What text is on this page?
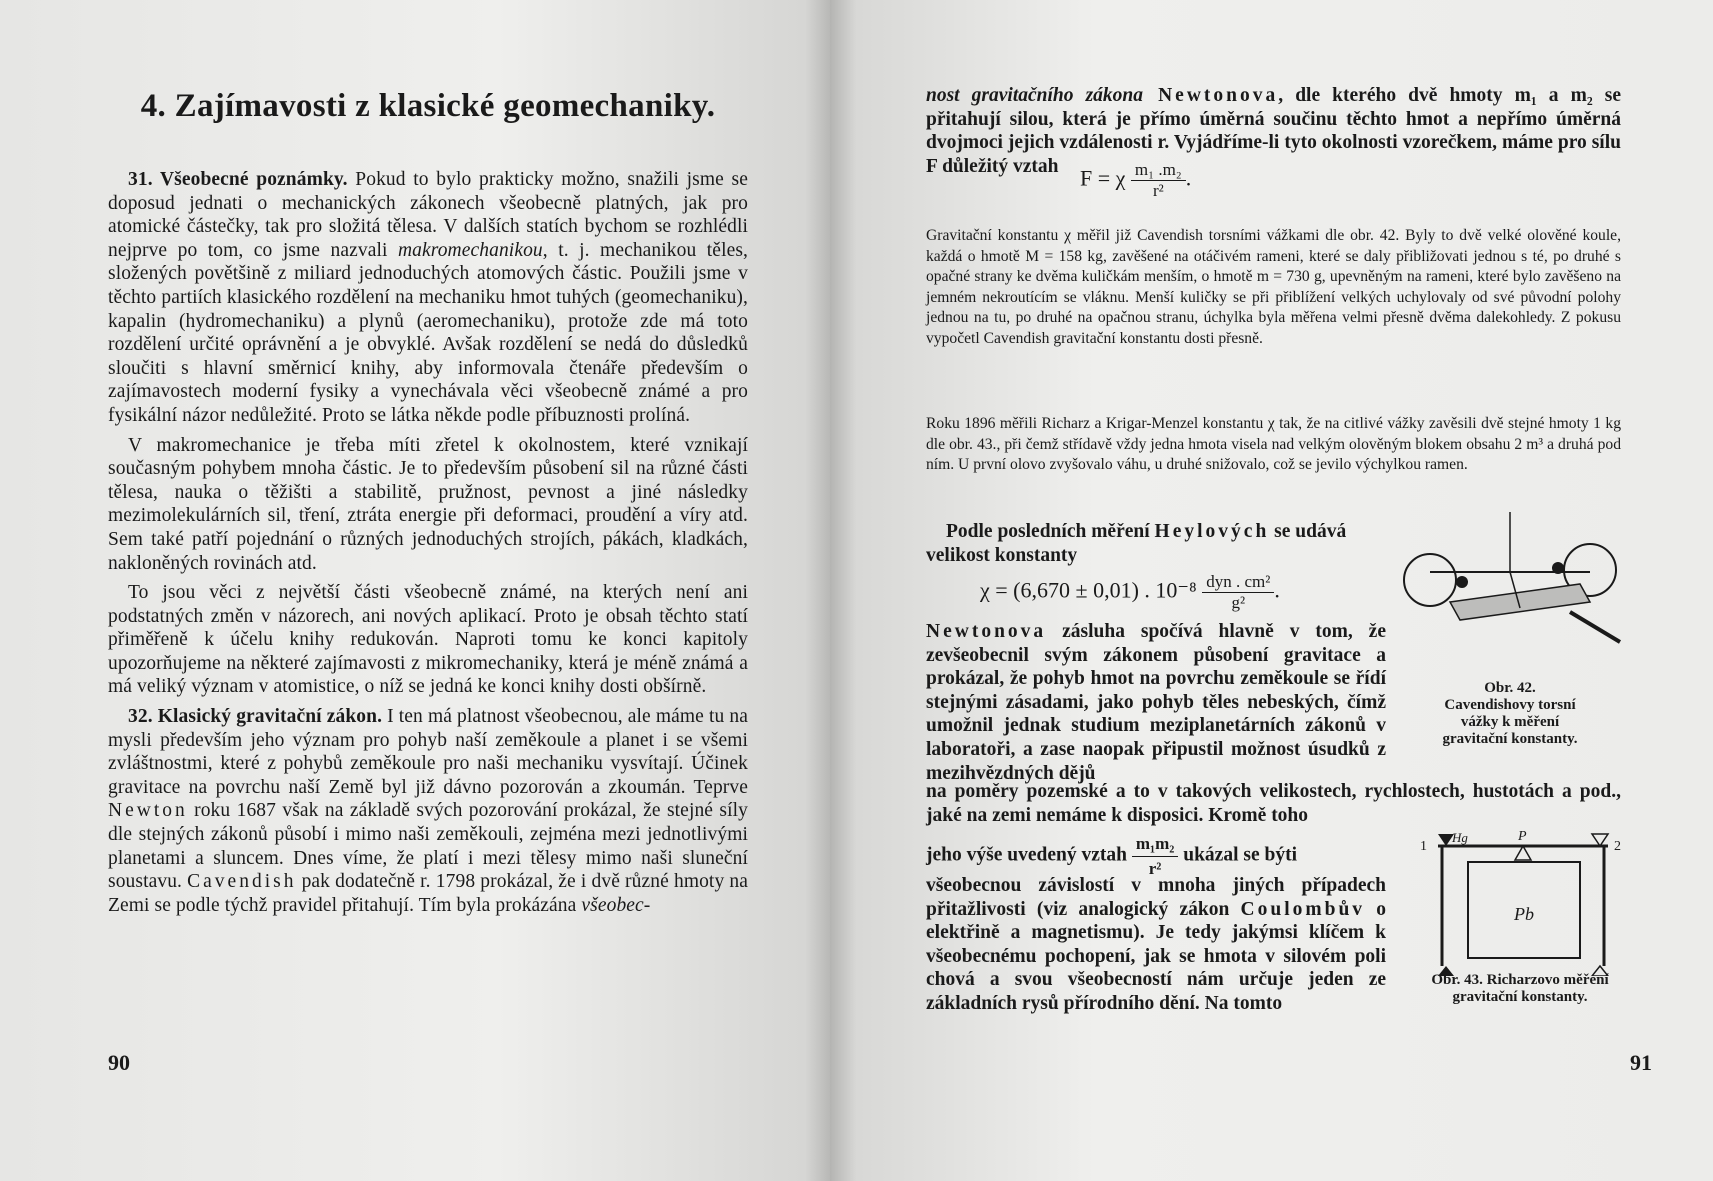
4. Zajímavosti z klasické geomechaniky.

31. Všeobecné poznámky. Pokud to bylo prakticky možno, snažili jsme se doposud jednati o mechanických zákonech všeobecně platných, jak pro atomické částečky, tak pro složitá tělesa. V dalších statích bychom se rozhlédli nejprve po tom, co jsme nazvali makromechanikou, t. j. mechanikou těles, složených povětšině z miliard jednoduchých atomových částic. Použili jsme v těchto partiích klasického rozdělení na mechaniku hmot tuhých (geomechaniku), kapalin (hydromechaniku) a plynů (aeromechaniku), protože zde má toto rozdělení určité oprávnění a je obvyklé. Avšak rozdělení se nedá do důsledků sloučiti s hlavní směrnicí knihy, aby informovala čtenáře především o zajímavostech moderní fysiky a vynechávala věci všeobecně známé a pro fysikální názor nedůležité. Proto se látka někde podle příbuznosti prolíná.

V makromechanice je třeba míti zřetel k okolnostem, které vznikají současným pohybem mnoha částic. Je to především působení sil na různé části tělesa, nauka o těžišti a stabilitě, pružnost, pevnost a jiné následky mezimolekulárních sil, tření, ztráta energie při deformaci, proudění a víry atd. Sem také patří pojednání o různých jednoduchých strojích, pákách, kladkách, nakloněných rovinách atd.

To jsou věci z největší části všeobecně známé, na kterých není ani podstatných změn v názorech, ani nových aplikací. Proto je obsah těchto statí přiměřeně k účelu knihy redukován. Naproti tomu ke konci kapitoly upozorňujeme na některé zajímavosti z mikromechaniky, která je méně známá a má veliký význam v atomistice, o níž se jedná ke konci knihy dosti obšírně.

32. Klasický gravitační zákon. I ten má platnost všeobecnou, ale máme tu na mysli především jeho význam pro pohyb naší zeměkoule a planet i se všemi zvláštnostmi, které z pohybů zeměkoule pro naši mechaniku vysvítají. Účinek gravitace na povrchu naší Země byl již dávno pozorován a zkoumán. Teprve Newton roku 1687 však na základě svých pozorování prokázal, že stejné síly dle stejných zákonů působí i mimo naši zeměkouli, zejména mezi jednotlivými planetami a sluncem. Dnes víme, že platí i mezi tělesy mimo naši sluneční soustavu. Cavendish pak dodatečně r. 1798 prokázal, že i dvě různé hmoty na Zemi se podle týchž pravidel přitahují. Tím byla prokázána všeobec-

90
nost gravitačního zákona Newtonova, dle kterého dvě hmoty m₁ a m₂ se přitahují silou, která je přímo úměrná součinu těchto hmot a nepřímo úměrná dvojmoci jejich vzdálenosti r. Vyjádříme-li tyto okolnosti vzorečkem, máme pro sílu F důležitý vztah F = χ $\frac{\text{m₁ .m₂}}{\text{r²}}$ .
Gravitační konstantu χ měřil již Cavendish torsními vážkami dle obr. 42. Byly to dvě velké olověné koule, každá o hmotě M = 158 kg, zavěšené na otáčivém rameni, které se daly přibližovati jednou s té, po druhé s opačné strany ke dvěma kuličkám menším, o hmotě m = 730 g, upevněným na rameni, které bylo zavěšeno na jemném nekroutícím se vláknu. Menší kuličky se při přiblížení velkých uchylovaly od své původní polohy jednou na tu, po druhé na opačnou stranu, úchylka byla měřena velmi přesně dvěma dalekohledy. Z pokusu vypočetl Cavendish gravitační konstantu dosti přesně.
Roku 1896 měřili Richarz a Krigar-Menzel konstantu χ tak, že na citlivé vážky zavěsili dvě stejné hmoty 1 kg dle obr. 43., při čemž střídavě vždy jedna hmota visela nad velkým olověným blokem obsahu 2 m³ a druhá pod ním. U první olovo zvyšovalo váhu, u druhé snižovalo, což se jevilo výchylkou ramen.
Podle posledních měření Heylových se udává velikost konstanty
χ = (6,670 ± 0,01) . $10^{-8} \frac{\text{dyn . cm²}}{\text{g²}}$ .
Newtonova zásluha spočívá hlavně v tom, že zevšeobecnil svým zákonem působení gravitace a prokázal, že pohyb hmot na povrchu zeměkoule se řídí stejnými zásadami, jako pohyb těles nebeských, čímž umožnil jednak studium meziplanetárních zákonů v laboratoři, a zase naopak připustil možnost úsudků z mezihvězdných dějů
na poměry pozemské a to v takových velikostech, rychlostech, hustotách a pod., jaké na zemi nemáme k disposici. Kromě toho
jeho výše uvedený vztah $\frac{\text{m₁m₂}}{\text{r²}}$ ukázal se býti
všeobecnou závislostí v mnoha jiných případech přitažlivosti (viz analogický zákon Coulombův o elektřině a magnetismu). Je tedy jakýmsi klíčem k všeobecnému pochopení, jak se hmota v silovém poli chová a svou všeobecností nám určuje jeden ze základních rysů přírodního dění. Na tomto
Obr. 42. Cavendishovy torsní vážky k měření gravitační konstanty.
Pb
Hg	P
1	2
Obr. 43. Richarzovo měření gravitační konstanty.
91
